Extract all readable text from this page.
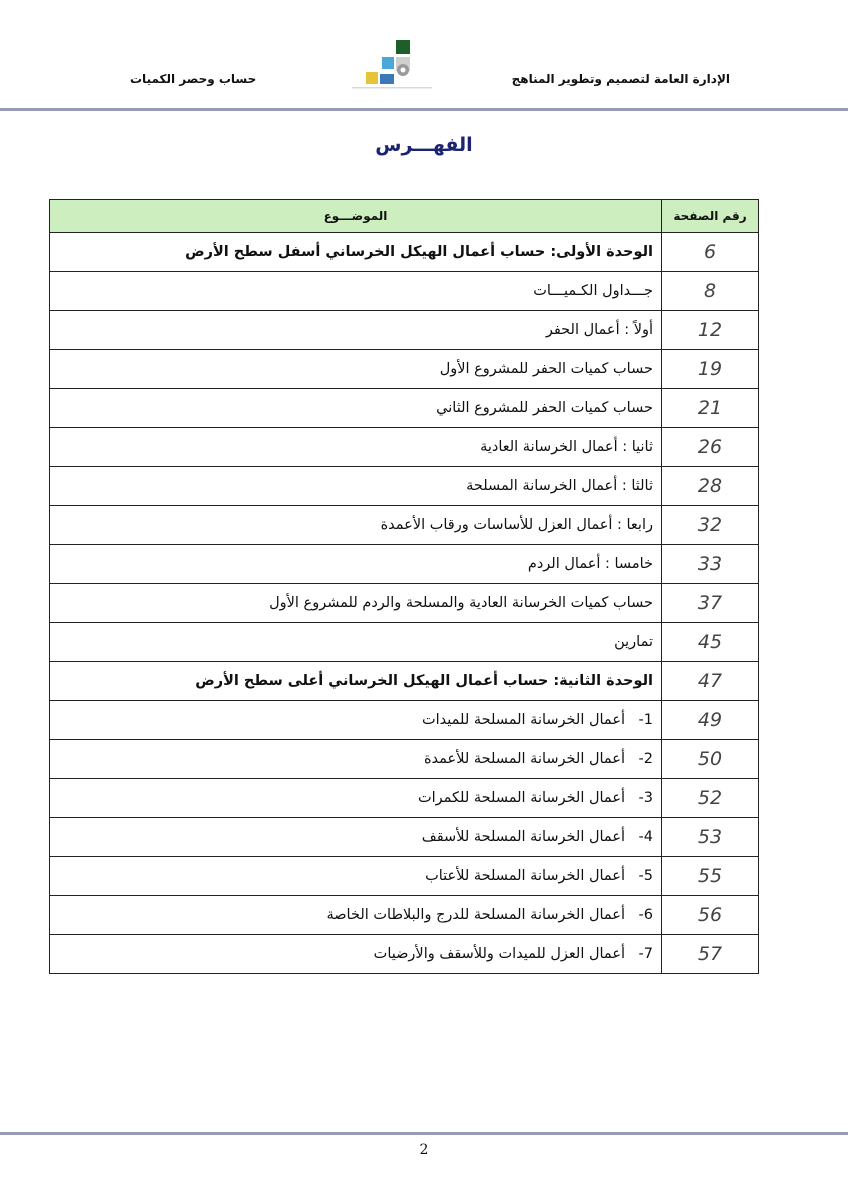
حساب وحصر الكميات	الإدارة العامة لتصميم وتطوير المناهج
الفهـــرس
الموضـــوع	رقم الصفحة
الوحدة الأولى: حساب أعمال الهيكل الخرساني أسفل سطح الأرض	6
جـــداول الكـميـــات	8
أولاً : أعمال الحفر	12
حساب كميات الحفر للمشروع الأول	19
حساب كميات الحفر للمشروع الثاني	21
ثانيا : أعمال الخرسانة العادية	26
ثالثا : أعمال الخرسانة المسلحة	28
رابعا : أعمال العزل للأساسات ورقاب الأعمدة	32
خامسا : أعمال الردم	33
حساب كميات الخرسانة العادية والمسلحة والردم للمشروع الأول	37
تمارين	45
الوحدة الثانية: حساب أعمال الهيكل الخرساني أعلى سطح الأرض	47
1-أعمال الخرسانة المسلحة للميدات	49
2-أعمال الخرسانة المسلحة للأعمدة	50
3-أعمال الخرسانة المسلحة للكمرات	52
4-أعمال الخرسانة المسلحة للأسقف	53
5-أعمال الخرسانة المسلحة للأعتاب	55
6-أعمال الخرسانة المسلحة للدرج والبلاطات الخاصة	56
7-أعمال العزل للميدات وللأسقف والأرضيات	57
2
